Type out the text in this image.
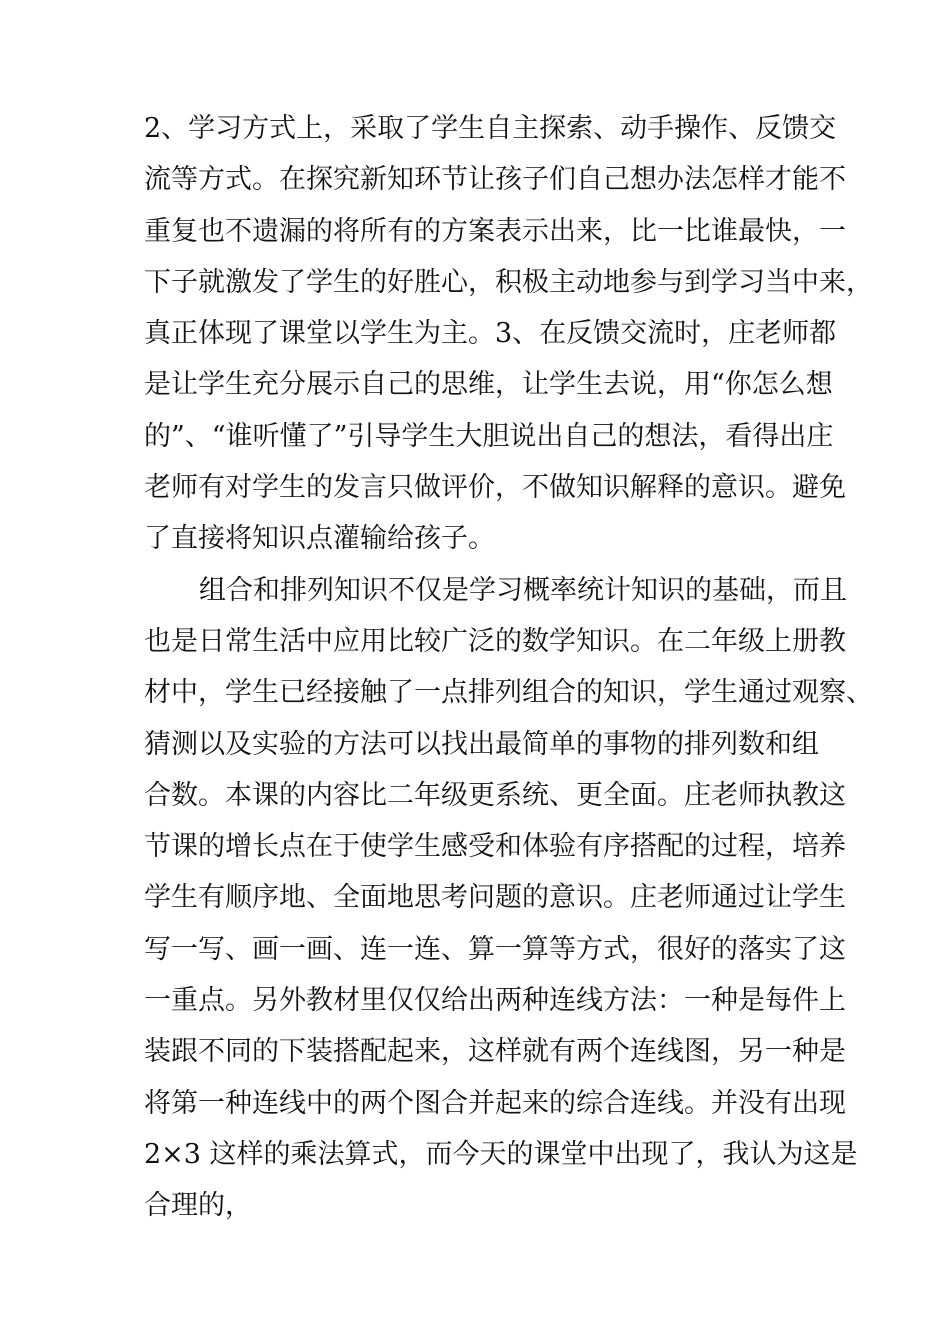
2、学习方式上，采取了学生自主探索、动手操作、反馈交
流等方式。在探究新知环节让孩子们自己想办法怎样才能不
重复也不遗漏的将所有的方案表示出来，比一比谁最快，一
下子就激发了学生的好胜心，积极主动地参与到学习当中来，
真正体现了课堂以学生为主。3、在反馈交流时，庄老师都
是让学生充分展示自己的思维，让学生去说，用“你怎么想
的”、“谁听懂了”引导学生大胆说出自己的想法，看得出庄
老师有对学生的发言只做评价，不做知识解释的意识。避免
了直接将知识点灌输给孩子。
组合和排列知识不仅是学习概率统计知识的基础，而且
也是日常生活中应用比较广泛的数学知识。在二年级上册教
材中，学生已经接触了一点排列组合的知识，学生通过观察、
猜测以及实验的方法可以找出最简单的事物的排列数和组
合数。本课的内容比二年级更系统、更全面。庄老师执教这
节课的增长点在于使学生感受和体验有序搭配的过程，培养
学生有顺序地、全面地思考问题的意识。庄老师通过让学生
写一写、画一画、连一连、算一算等方式，很好的落实了这
一重点。另外教材里仅仅给出两种连线方法：一种是每件上
装跟不同的下装搭配起来，这样就有两个连线图，另一种是
将第一种连线中的两个图合并起来的综合连线。并没有出现
2×3 这样的乘法算式，而今天的课堂中出现了，我认为这是
合理的，
